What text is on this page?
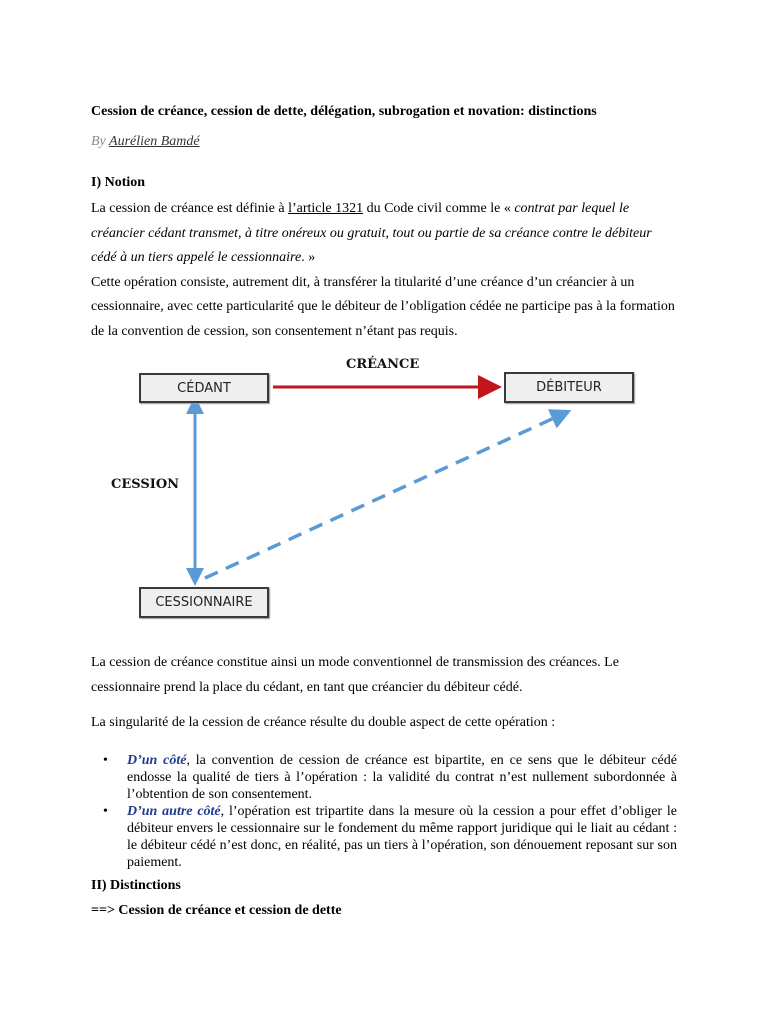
Cession de créance, cession de dette, délégation, subrogation et novation: distinctions
By Aurélien Bamdé
I) Notion
La cession de créance est définie à l’article 1321 du Code civil comme le « contrat par lequel le créancier cédant transmet, à titre onéreux ou gratuit, tout ou partie de sa créance contre le débiteur cédé à un tiers appelé le cessionnaire. »
Cette opération consiste, autrement dit, à transférer la titularité d’une créance d’un créancier à un cessionnaire, avec cette particularité que le débiteur de l’obligation cédée ne participe pas à la formation de la convention de cession, son consentement n’étant pas requis.
CÉDANT	DÉBITEUR
CESSIONNAIRE
CRÉANCE
CESSION
La cession de créance constitue ainsi un mode conventionnel de transmission des créances. Le cessionnaire prend la place du cédant, en tant que créancier du débiteur cédé.
La singularité de la cession de créance résulte du double aspect de cette opération :
• D’un côté, la convention de cession de créance est bipartite, en ce sens que le débiteur cédé endosse la qualité de tiers à l’opération : la validité du contrat n’est nullement subordonnée à l’obtention de son consentement.
• D’un autre côté, l’opération est tripartite dans la mesure où la cession a pour effet d’obliger le débiteur envers le cessionnaire sur le fondement du même rapport juridique qui le liait au cédant : le débiteur cédé n’est donc, en réalité, pas un tiers à l’opération, son dénouement reposant sur son paiement.
II) Distinctions
==> Cession de créance et cession de dette
